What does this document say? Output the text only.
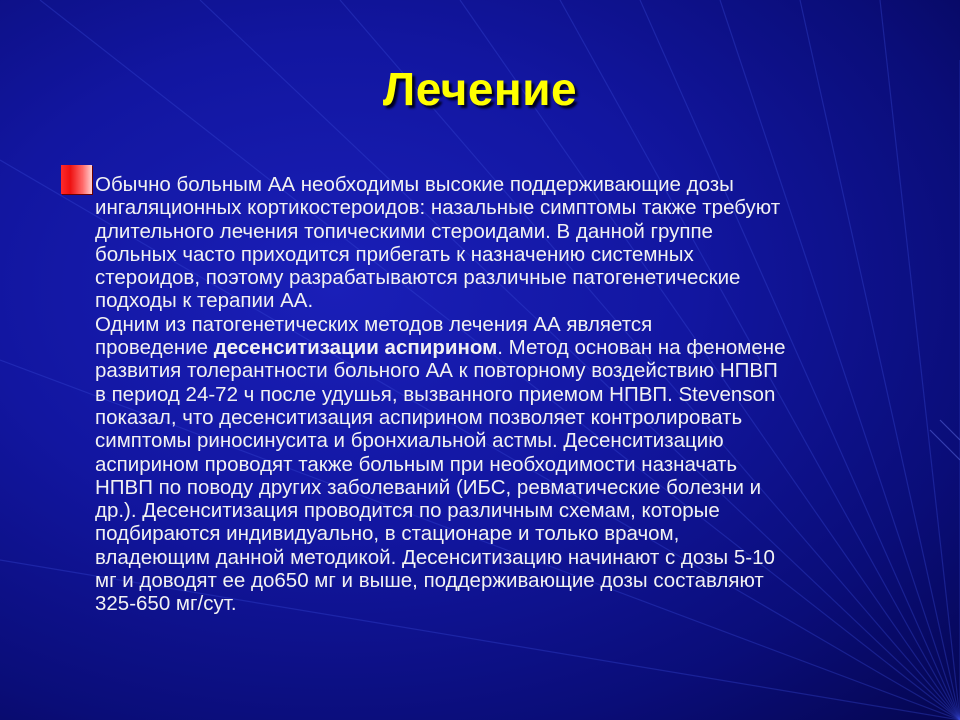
Лечение

Обычно больным АА необходимы высокие поддерживающие дозы

ингаляционных кортикостероидов: назальные симптомы также требуют

длительного лечения топическими стероидами. В данной группе

больных часто приходится прибегать к назначению системных

стероидов, поэтому разрабатываются различные патогенетические

подходы к терапии АА.

Одним из патогенетических методов лечения АА является

проведение десенситизации аспирином. Метод основан на феномене

развития толерантности больного АА к повторному воздействию НПВП

в период 24-72 ч после удушья, вызванного приемом НПВП. Stevenson

показал, что десенситизация аспирином позволяет контролировать

симптомы риносинусита и бронхиальной астмы. Десенситизацию

аспирином проводят также больным при необходимости назначать

НПВП по поводу других заболеваний (ИБС, ревматические болезни и

др.). Десенситизация проводится по различным схемам, которые

подбираются индивидуально, в стационаре и только врачом,

владеющим данной методикой. Десенситизацию начинают с дозы 5-10

мг и доводят ее до650 мг и выше, поддерживающие дозы составляют

325-650 мг/сут.
